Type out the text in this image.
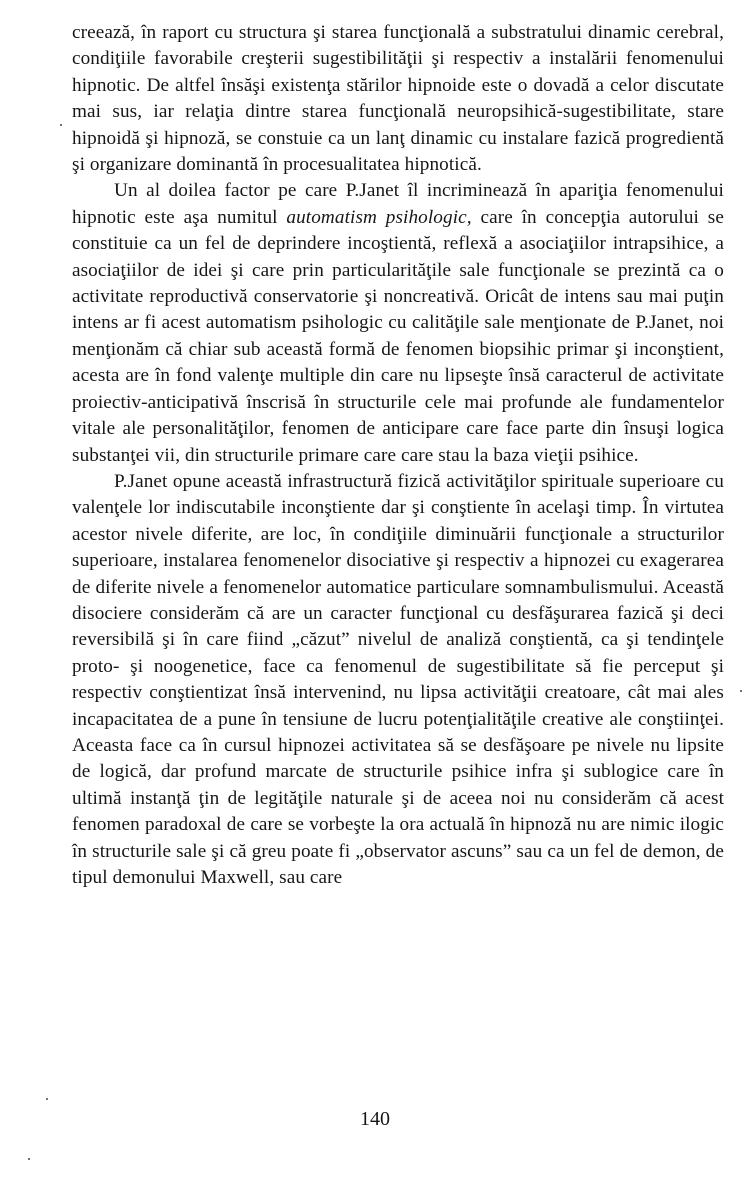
creează, în raport cu structura şi starea funcţională a substratului dinamic cerebral, condiţiile favorabile creşterii sugestibilităţii şi respectiv a instalării fenomenului hipnotic. De altfel însăşi existenţa stărilor hipnoide este o dovadă a celor discutate mai sus, iar relaţia dintre starea funcţională neuropsihică-sugestibilitate, stare hipnoidă şi hipnoză, se constuie ca un lanţ dinamic cu instalare fazică progredientă şi organizare dominantă în procesualitatea hipnotică.

Un al doilea factor pe care P.Janet îl incriminează în apariţia fenomenului hipnotic este aşa numitul automatism psihologic, care în concepţia autorului se constituie ca un fel de deprindere incoştientă, reflexă a asociaţiilor intrapsihice, a asociaţiilor de idei şi care prin particularităţile sale funcţionale se prezintă ca o activitate reproductivă conservatorie şi noncreativă. Oricât de intens sau mai puţin intens ar fi acest automatism psihologic cu calităţile sale menţionate de P.Janet, noi menţionăm că chiar sub această formă de fenomen biopsihic primar şi inconştient, acesta are în fond valenţe multiple din care nu lipseşte însă caracterul de activitate proiectiv-anticipativă înscrisă în structurile cele mai profunde ale fundamentelor vitale ale personalităţilor, fenomen de anticipare care face parte din însuşi logica substanţei vii, din structurile primare care care stau la baza vieţii psihice.

P.Janet opune această infrastructură fizică activităţilor spirituale superioare cu valenţele lor indiscutabile inconştiente dar şi conştiente în acelaşi timp. În virtutea acestor nivele diferite, are loc, în condiţiile diminuării funcţionale a structurilor superioare, instalarea fenomenelor disociative şi respectiv a hipnozei cu exagerarea de diferite nivele a fenomenelor automatice particulare somnambulismului. Această disociere considerăm că are un caracter funcţional cu desfăşurarea fazică şi deci reversibilă şi în care fiind „căzut” nivelul de analiză conştientă, ca şi tendinţele proto- şi noogenetice, face ca fenomenul de sugestibilitate să fie perceput şi respectiv conştientizat însă intervenind, nu lipsa activităţii creatoare, cât mai ales incapacitatea de a pune în tensiune de lucru potenţialităţile creative ale conştiinţei. Aceasta face ca în cursul hipnozei activitatea să se desfăşoare pe nivele nu lipsite de logică, dar profund marcate de structurile psihice infra şi sublogice care în ultimă instanţă ţin de legităţile naturale şi de aceea noi nu considerăm că acest fenomen paradoxal de care se vorbeşte la ora actuală în hipnoză nu are nimic ilogic în structurile sale şi că greu poate fi „observator ascuns” sau ca un fel de demon, de tipul demonului Maxwell, sau care

140
